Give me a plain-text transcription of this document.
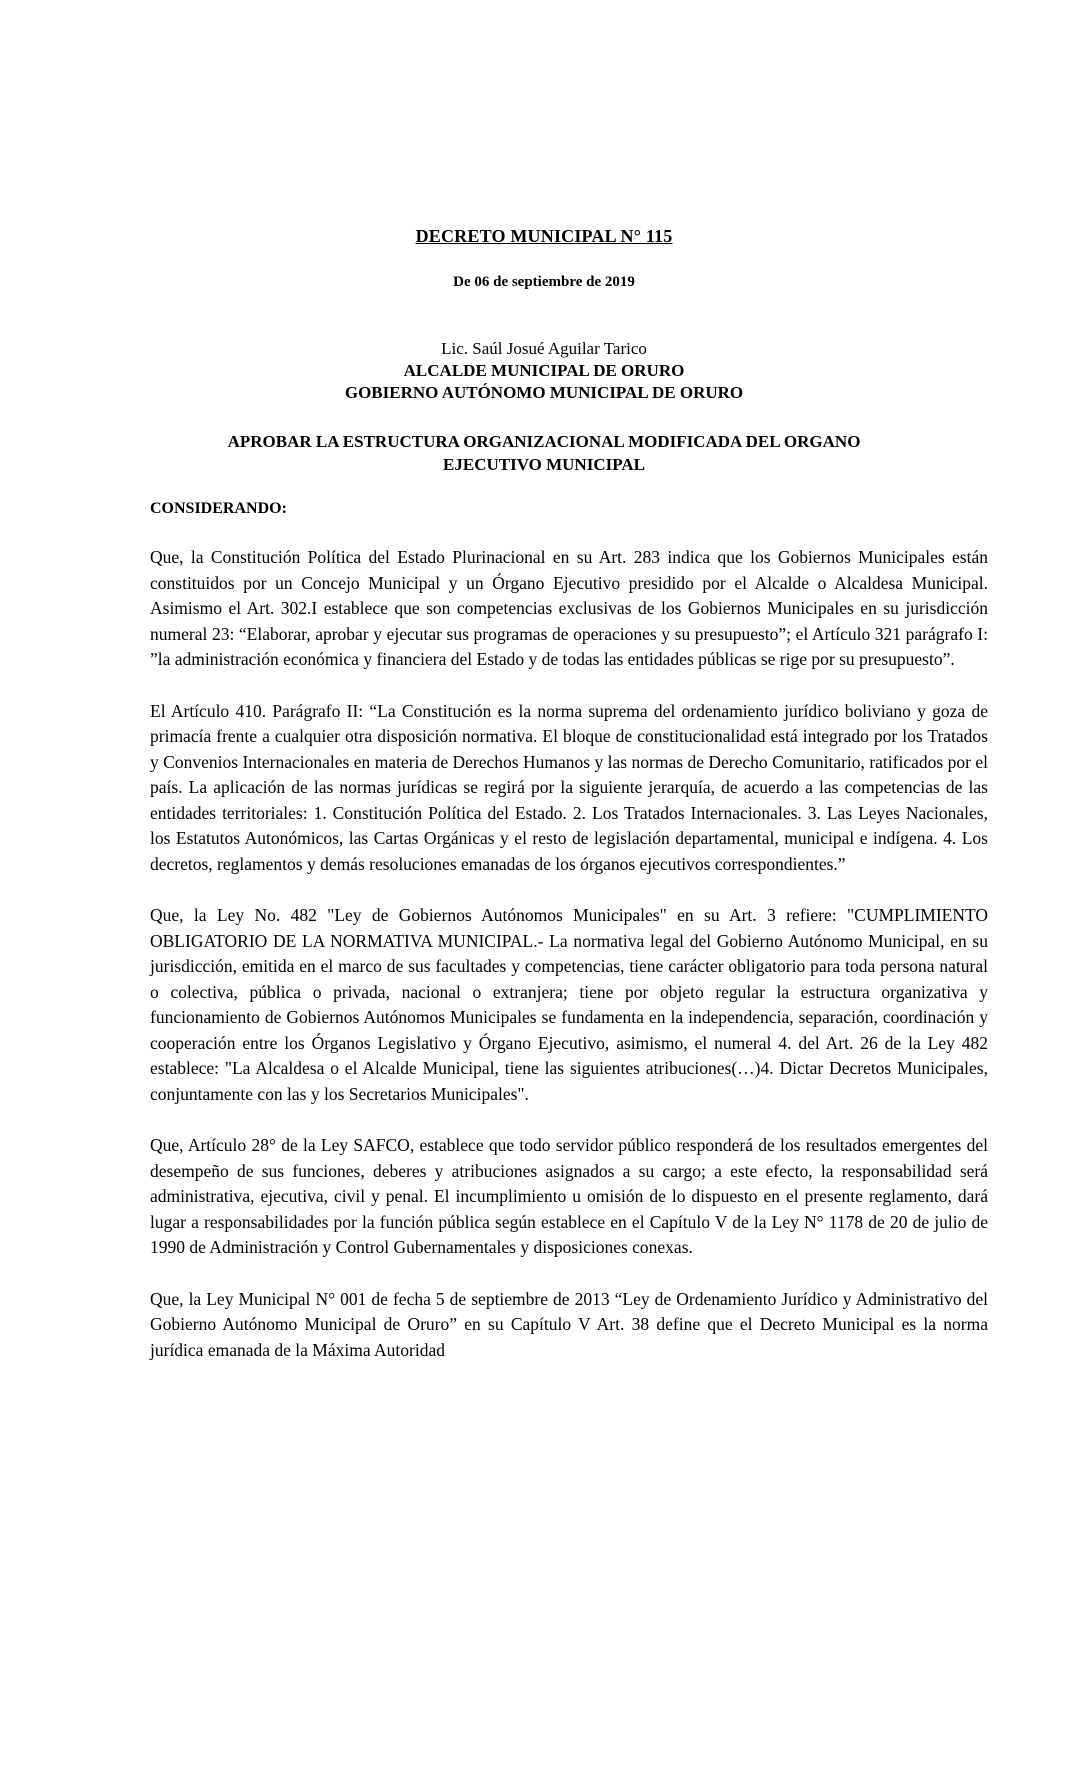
DECRETO MUNICIPAL N° 115
De 06 de septiembre de 2019
Lic. Saúl Josué Aguilar Tarico
ALCALDE MUNICIPAL DE ORURO
GOBIERNO AUTÓNOMO MUNICIPAL DE ORURO
APROBAR LA ESTRUCTURA ORGANIZACIONAL MODIFICADA DEL ORGANO EJECUTIVO MUNICIPAL
CONSIDERANDO:

Que, la Constitución Política del Estado Plurinacional en su Art. 283 indica que los Gobiernos Municipales están constituidos por un Concejo Municipal y un Órgano Ejecutivo presidido por el Alcalde o Alcaldesa Municipal. Asimismo el Art. 302.I establece que son competencias exclusivas de los Gobiernos Municipales en su jurisdicción numeral 23: “Elaborar, aprobar y ejecutar sus programas de operaciones y su presupuesto”; el Artículo 321 parágrafo I: ”la administración económica y financiera del Estado y de todas las entidades públicas se rige por su presupuesto”.

El Artículo 410. Parágrafo II: “La Constitución es la norma suprema del ordenamiento jurídico boliviano y goza de primacía frente a cualquier otra disposición normativa. El bloque de constitucionalidad está integrado por los Tratados y Convenios Internacionales en materia de Derechos Humanos y las normas de Derecho Comunitario, ratificados por el país. La aplicación de las normas jurídicas se regirá por la siguiente jerarquía, de acuerdo a las competencias de las entidades territoriales: 1. Constitución Política del Estado. 2. Los Tratados Internacionales. 3. Las Leyes Nacionales, los Estatutos Autonómicos, las Cartas Orgánicas y el resto de legislación departamental, municipal e indígena. 4. Los decretos, reglamentos y demás resoluciones emanadas de los órganos ejecutivos correspondientes.”

Que, la Ley No. 482 "Ley de Gobiernos Autónomos Municipales" en su Art. 3 refiere: "CUMPLIMIENTO OBLIGATORIO DE LA NORMATIVA MUNICIPAL.- La normativa legal del Gobierno Autónomo Municipal, en su jurisdicción, emitida en el marco de sus facultades y competencias, tiene carácter obligatorio para toda persona natural o colectiva, pública o privada, nacional o extranjera; tiene por objeto regular la estructura organizativa y funcionamiento de Gobiernos Autónomos Municipales se fundamenta en la independencia, separación, coordinación y cooperación entre los Órganos Legislativo y Órgano Ejecutivo, asimismo, el numeral 4. del Art. 26 de la Ley 482 establece: "La Alcaldesa o el Alcalde Municipal, tiene las siguientes atribuciones(…)4. Dictar Decretos Municipales, conjuntamente con las y los Secretarios Municipales".

Que, Artículo 28° de la Ley SAFCO, establece que todo servidor público responderá de los resultados emergentes del desempeño de sus funciones, deberes y atribuciones asignados a su cargo; a este efecto, la responsabilidad será administrativa, ejecutiva, civil y penal. El incumplimiento u omisión de lo dispuesto en el presente reglamento, dará lugar a responsabilidades por la función pública según establece en el Capítulo V de la Ley N° 1178 de 20 de julio de 1990 de Administración y Control Gubernamentales y disposiciones conexas.

Que, la Ley Municipal N° 001 de fecha 5 de septiembre de 2013 “Ley de Ordenamiento Jurídico y Administrativo del Gobierno Autónomo Municipal de Oruro” en su Capítulo V Art. 38 define que el Decreto Municipal es la norma jurídica emanada de la Máxima Autoridad
